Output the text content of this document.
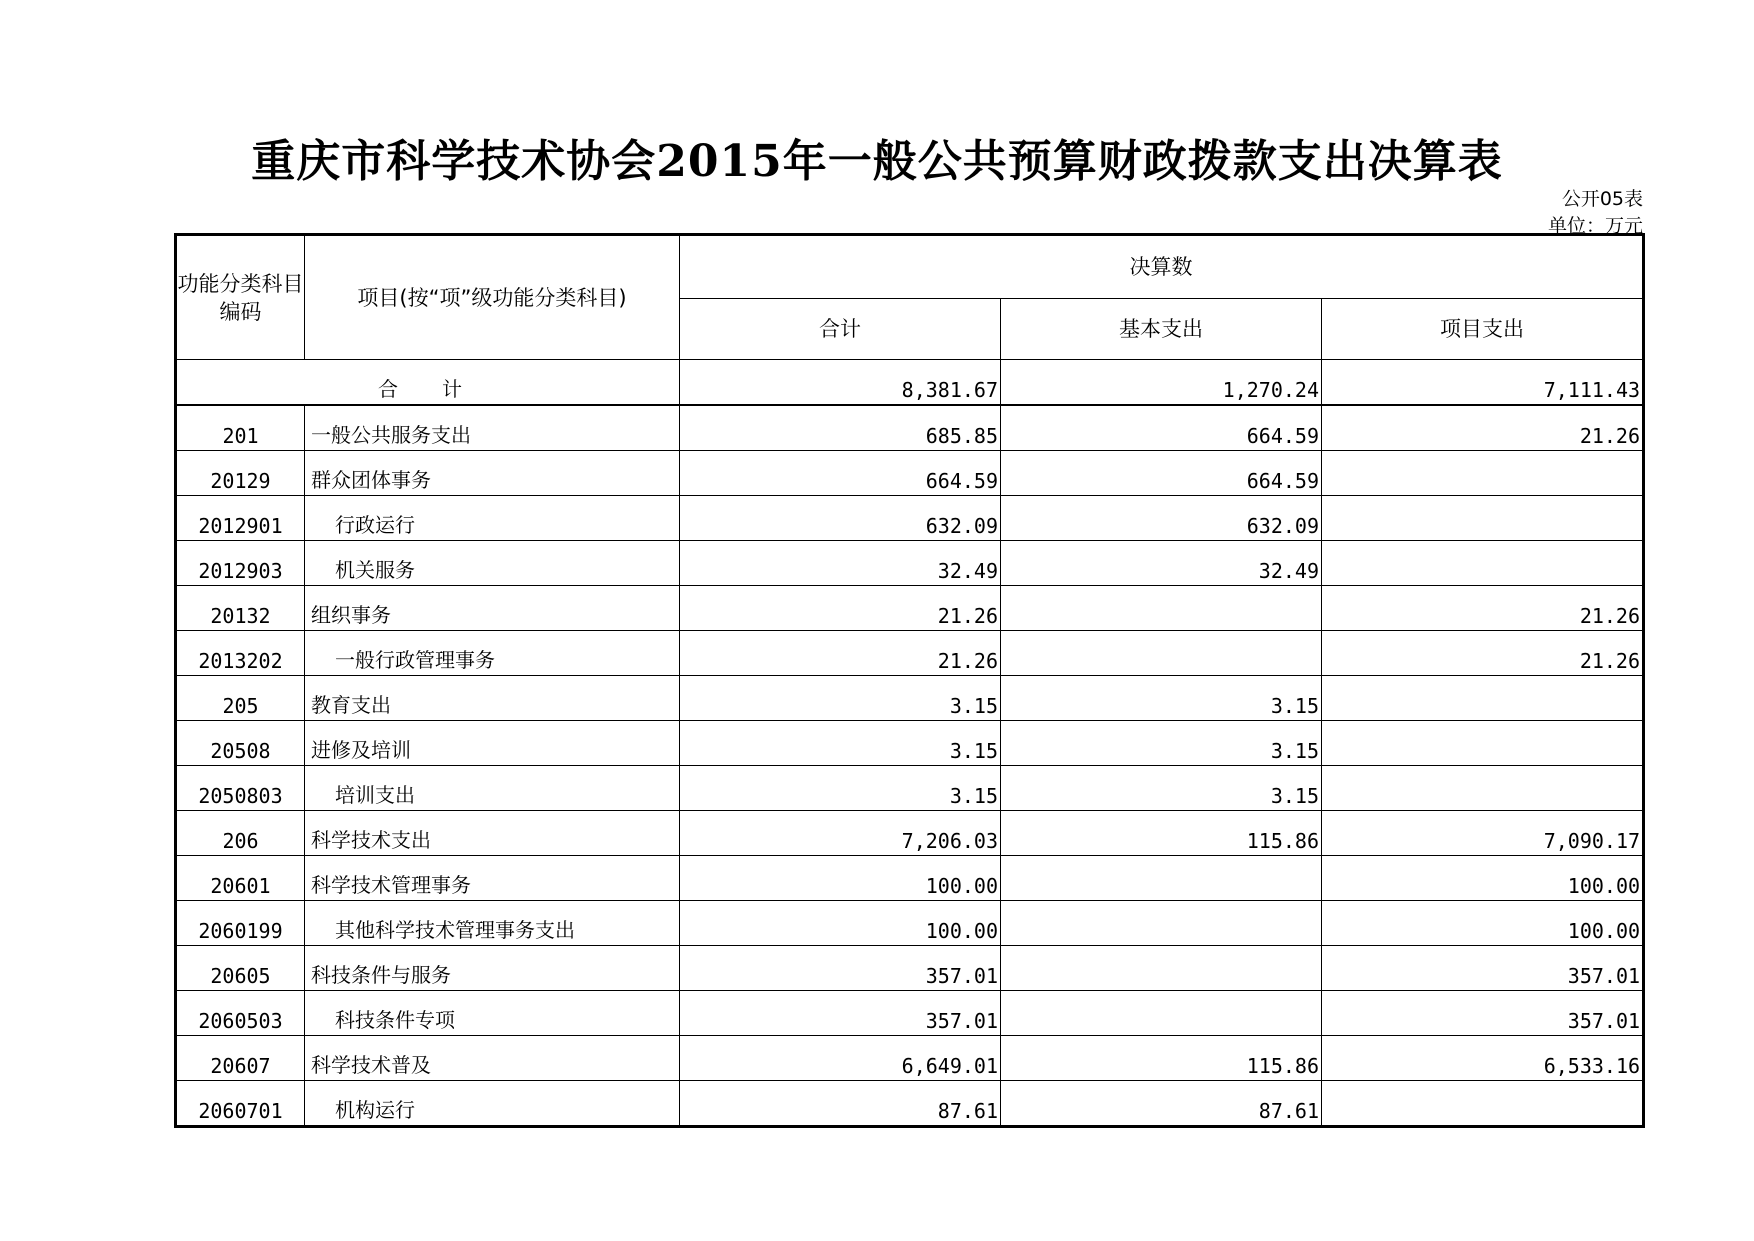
重庆市科学技术协会2015年一般公共预算财政拨款支出决算表
公开05表
单位：万元
功能分类科目编码	项目(按“项”级功能分类科目)	决算数		
		合计	基本支出	项目支出
合 计		8,381.67	1,270.24	7,111.43
201	一般公共服务支出	685.85	664.59	21.26
20129	群众团体事务	664.59	664.59	
2012901	行政运行	632.09	632.09	
2012903	机关服务	32.49	32.49	
20132	组织事务	21.26		21.26
2013202	一般行政管理事务	21.26		21.26
205	教育支出	3.15	3.15	
20508	进修及培训	3.15	3.15	
2050803	培训支出	3.15	3.15	
206	科学技术支出	7,206.03	115.86	7,090.17
20601	科学技术管理事务	100.00		100.00
2060199	其他科学技术管理事务支出	100.00		100.00
20605	科技条件与服务	357.01		357.01
2060503	科技条件专项	357.01		357.01
20607	科学技术普及	6,649.01	115.86	6,533.16
2060701	机构运行	87.61	87.61	
